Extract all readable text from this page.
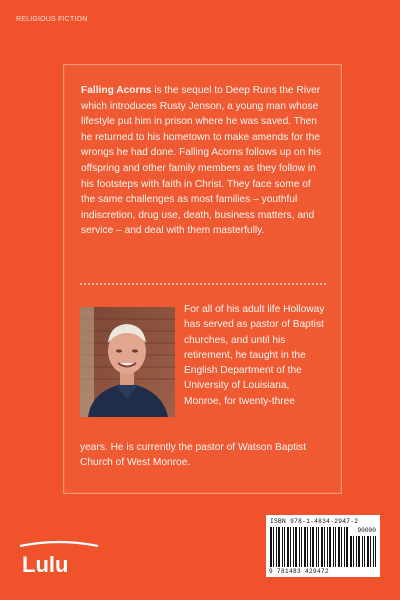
RELIGIOUS FICTION
Falling Acorns is the sequel to Deep Runs the River which introduces Rusty Jenson, a young man whose lifestyle put him in prison where he was saved. Then he returned to his hometown to make amends for the wrongs he had done. Falling Acorns follows up on his offspring and other family members as they follow in his footsteps with faith in Christ. They face some of the same challenges as most families – youthful indiscretion, drug use, death, business matters, and service – and deal with them masterfully.
For all of his adult life Holloway has served as pastor of Baptist churches, and until his retirement, he taught in the English Department of the University of Louisiana, Monroe, for twenty-three
years. He is currently the pastor of Watson Baptist Church of West Monroe.
Lulu
ISBN 978-1-4834-2947-2
90000
9 781483 429472
